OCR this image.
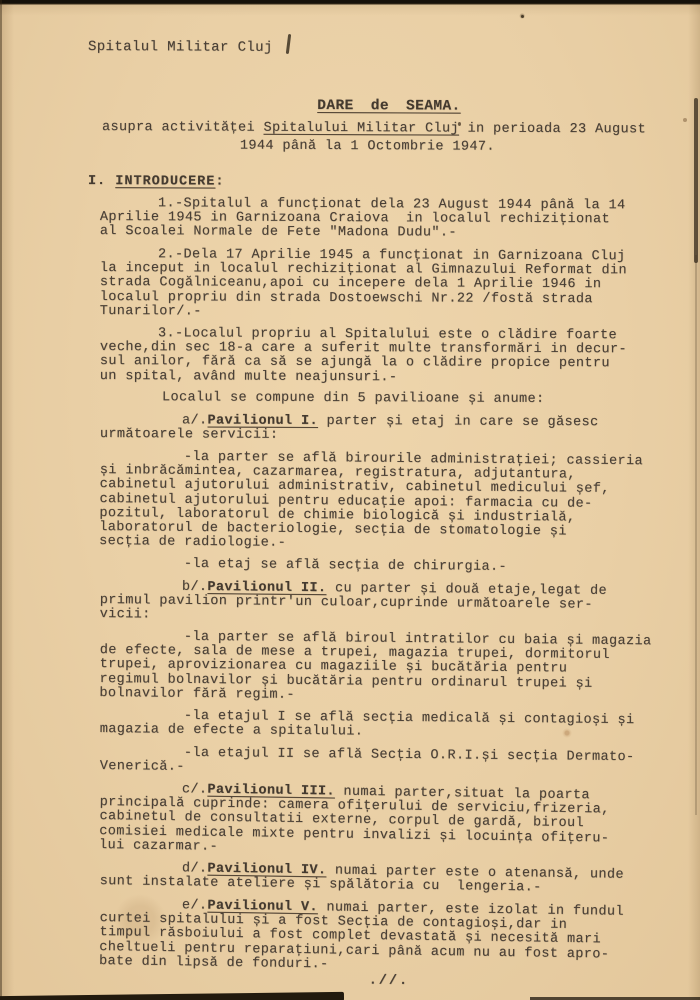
Spitalul Militar Cluj
DARE de SEAMA.
asupra activităței Spitalului Militar Cluj in perioada 23 August
1944 până la 1 Octombrie 1947.
I. INTRODUCERE:
1.-Spitalul a funcționat dela 23 August 1944 până la 14
Aprilie 1945 in Garnizoana Craiova  in localul rechiziționat
al Scoalei Normale de Fete "Madona Dudu".-
2.-Dela 17 Aprilie 1945 a funcționat in Garnizoana Cluj
la inceput in localul rechiziționat al Gimnazului Reformat din
strada Cogălniceanu,apoi cu incepere dela 1 Aprilie 1946 in
localul propriu din strada Dostoewschi Nr.22 /fostă strada
Tunarilor/.-
3.-Localul propriu al Spitalului este o clădire foarte
veche,din sec 18-a care a suferit multe transformări in decur-
sul anilor, fără ca să se ajungă la o clădire propice pentru
un spital, având multe neajunsuri.-
Localul se compune din 5 pavilioane și anume:
a/.Pavilionul I. parter și etaj in care se găsesc
următoarele servicii:
-la parter se află birourile administrației; cassieria
și inbrăcămintea, cazarmarea, registratura, adjutantura,
cabinetul ajutorului administrativ, cabinetul medicului șef,
cabinetul ajutorului pentru educație apoi: farmacia cu de-
pozitul, laboratorul de chimie biologică și industrială,
laboratorul de bacteriologie, secția de stomatologie și
secția de radiologie.-
-la etaj se află secția de chirurgia.-
b/.Pavilionul II. cu parter și două etaje,legat de
primul pavilion printr'un culoar,cuprinde următoarele ser-
vicii:
-la parter se află biroul intratilor cu baia și magazia
de efecte, sala de mese a trupei, magazia trupei, dormitorul
trupei, aprovizionarea cu magaziile și bucătăria pentru
regimul bolnavilor și bucătăria pentru ordinarul trupei și
bolnavilor fără regim.-
-la etajul I se află secția medicală și contagioși și
magazia de efecte a spitalului.
-la etajul II se află Secția O.R.I.și secția Dermato-
Venerică.-
c/.Pavilionul III. numai parter,situat la poarta
principală cuprinde: camera ofițerului de serviciu,frizeria,
cabinetul de consultatii externe, corpul de gardă, biroul
comisiei medicale mixte pentru invalizi și locuința ofițeru-
lui cazarmar.-
d/.Pavilionul IV. numai parter este o atenansă, unde
sunt instalate ateliere și spălătoria cu  lengeria.-
e/.Pavilionul V. numai parter, este izolat in fundul
curtei spitalului și a fost Secția de contagioși,dar in
timpul răsboiului a fost complet devastată și necesită mari
cheltueli pentru reparațiuni,cari până acum nu au fost apro-
bate din lipsă de fonduri.-
.//.
